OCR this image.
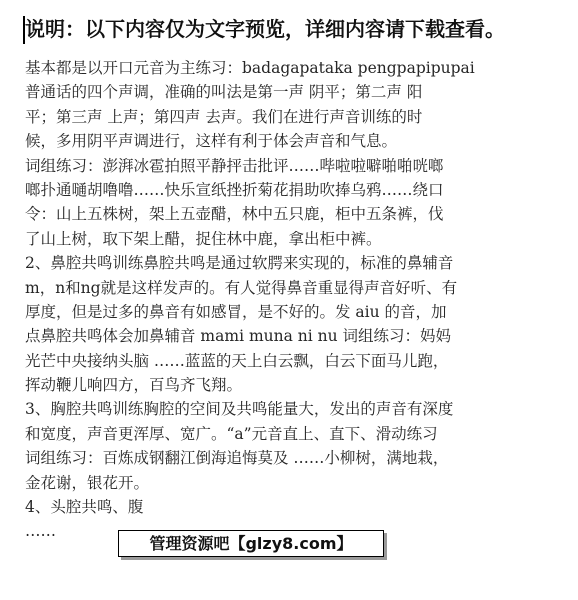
说明：以下内容仅为文字预览，详细内容请下载查看。
基本都是以开口元音为主练习：badagapataka pengpapipupai
普通话的四个声调，准确的叫法是第一声 阴平；第二声 阳
平；第三声 上声；第四声 去声。我们在进行声音训练的时
候，多用阴平声调进行，这样有利于体会声音和气息。
词组练习：澎湃冰雹拍照平静抨击批评……哔啦啦噼啪啪咣啷
啷扑通嗵胡噜噜……快乐宣纸挫折菊花捐助吹捧乌鸦……绕口
令：山上五株树，架上五壶醋，林中五只鹿，柜中五条裤，伐
了山上树，取下架上醋，捉住林中鹿，拿出柜中裤。
2、鼻腔共鸣训练鼻腔共鸣是通过软腭来实现的，标准的鼻辅音
m，n和ng就是这样发声的。有人觉得鼻音重显得声音好听、有
厚度，但是过多的鼻音有如感冒，是不好的。发 aiu 的音，加
点鼻腔共鸣体会加鼻辅音 mami muna ni nu 词组练习：妈妈
光芒中央接纳头脑 ……蓝蓝的天上白云飘，白云下面马儿跑，
挥动鞭儿响四方，百鸟齐飞翔。
3、胸腔共鸣训练胸腔的空间及共鸣能量大，发出的声音有深度
和宽度，声音更浑厚、宽广。“a”元音直上、直下、滑动练习
词组练习：百炼成钢翻江倒海追悔莫及 ……小柳树，满地栽，
金花谢，银花开。
4、头腔共鸣、腹
……
管理资源吧【glzy8.com】
